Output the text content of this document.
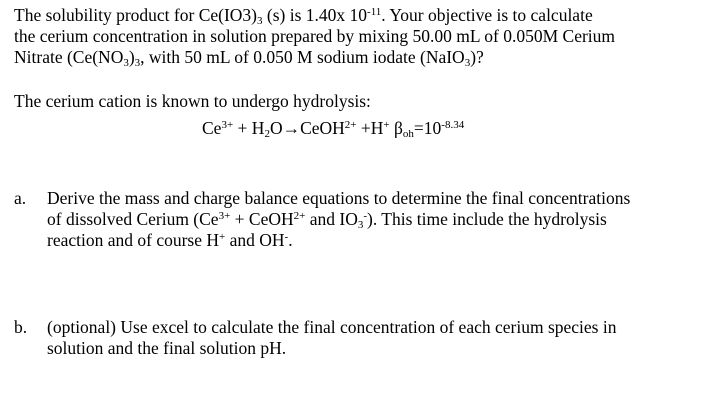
The solubility product for $Ce(IO3)_3$ (s) is 1.40x $10^{-11}$. Your objective is to calculate
the cerium concentration in solution prepared by mixing 50.00 mL of 0.050M Cerium
Nitrate ($Ce(NO_3)_3$, with 50 mL of 0.050 M sodium iodate (NaIO$_3$)?
The cerium cation is known to undergo hydrolysis:
$Ce^{3+}$ + $H_2O\to CeOH^{2+} +H^+$ $\beta_{oh}=10^{-8.34}$
a. Derive the mass and charge balance equations to determine the final concentrations
of dissolved Cerium ($Ce^{3+}$ + CeOH$^{2+}$ and $IO_3^-$). This time include the hydrolysis
reaction and of course H+ and OH-.
b. (optional) Use excel to calculate the final concentration of each cerium species in
solution and the final solution pH.
